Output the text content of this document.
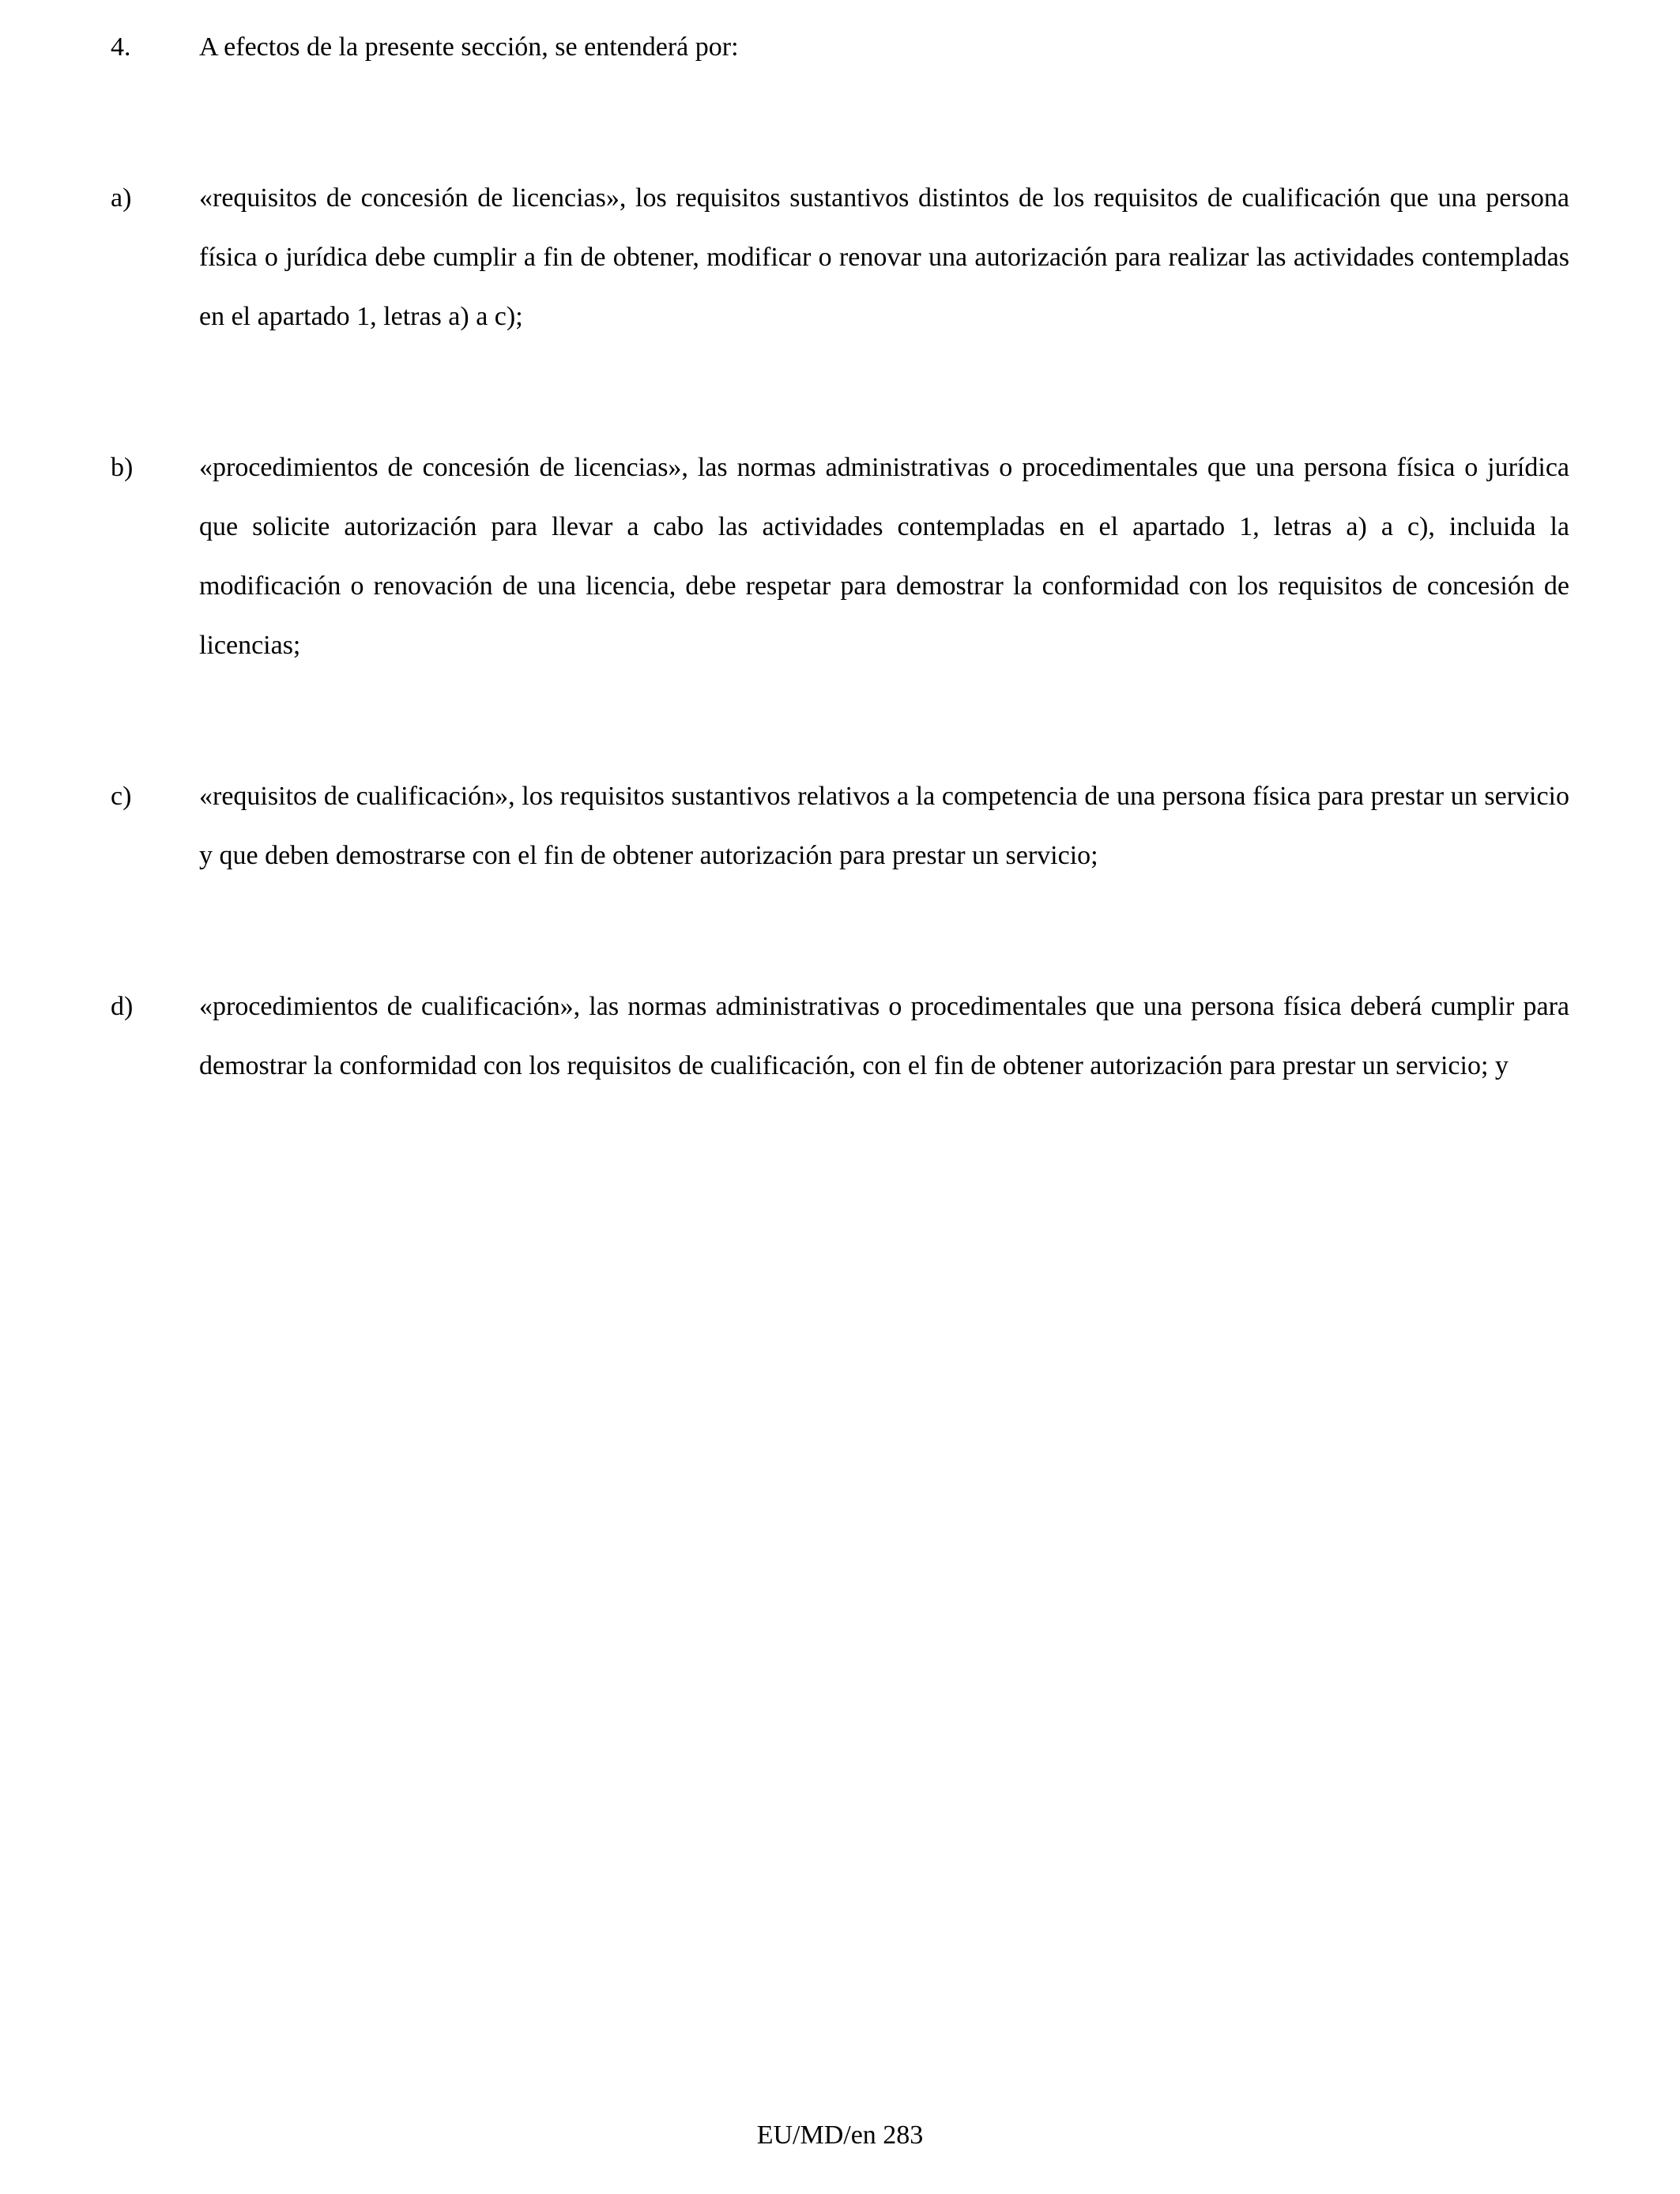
4.	A efectos de la presente sección, se entenderá por:
a)	«requisitos de concesión de licencias», los requisitos sustantivos distintos de los requisitos de cualificación que una persona física o jurídica debe cumplir a fin de obtener, modificar o renovar una autorización para realizar las actividades contempladas en el apartado 1, letras a) a c);
b)	«procedimientos de concesión de licencias», las normas administrativas o procedimentales que una persona física o jurídica que solicite autorización para llevar a cabo las actividades contempladas en el apartado 1, letras a) a c), incluida la modificación o renovación de una licencia, debe respetar para demostrar la conformidad con los requisitos de concesión de licencias;
c)	«requisitos de cualificación», los requisitos sustantivos relativos a la competencia de una persona física para prestar un servicio y que deben demostrarse con el fin de obtener autorización para prestar un servicio;
d)	«procedimientos de cualificación», las normas administrativas o procedimentales que una persona física deberá cumplir para demostrar la conformidad con los requisitos de cualificación, con el fin de obtener autorización para prestar un servicio; y
EU/MD/en 283
